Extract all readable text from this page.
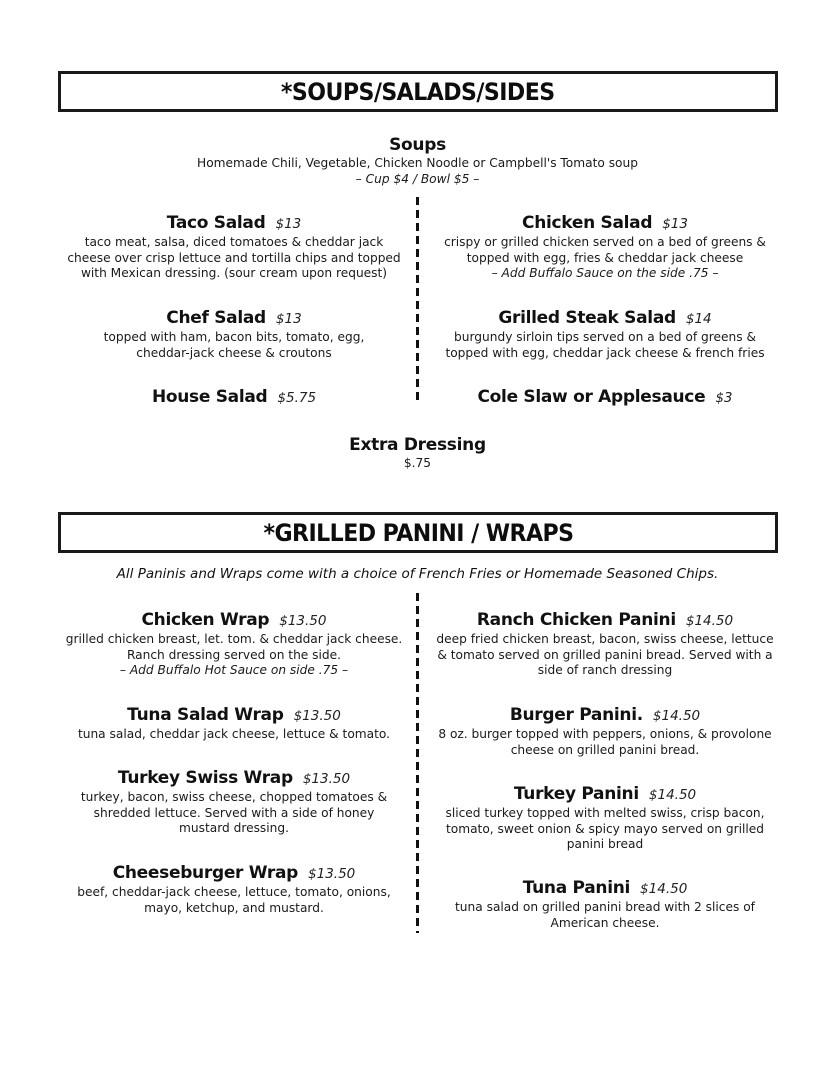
*SOUPS/SALADS/SIDES
Soups
Homemade Chili, Vegetable, Chicken Noodle or Campbell's Tomato soup
– Cup $4 / Bowl $5 –
Taco Salad $13
taco meat, salsa, diced tomatoes & cheddar jack
cheese over crisp lettuce and tortilla chips and topped
with Mexican dressing. (sour cream upon request)
Chef Salad $13
topped with ham, bacon bits, tomato, egg,
cheddar-jack cheese & croutons
House Salad $5.75
Chicken Salad $13
crispy or grilled chicken served on a bed of greens &
topped with egg, fries & cheddar jack cheese
– Add Buffalo Sauce on the side .75 –
Grilled Steak Salad $14
burgundy sirloin tips served on a bed of greens &
topped with egg, cheddar jack cheese & french fries
Cole Slaw or Applesauce $3
Extra Dressing
$.75
*GRILLED PANINI / WRAPS
All Paninis and Wraps come with a choice of French Fries or Homemade Seasoned Chips.
Chicken Wrap $13.50
grilled chicken breast, let. tom. & cheddar jack cheese.
Ranch dressing served on the side.
– Add Buffalo Hot Sauce on side .75 –
Tuna Salad Wrap $13.50
tuna salad, cheddar jack cheese, lettuce & tomato.
Turkey Swiss Wrap $13.50
turkey, bacon, swiss cheese, chopped tomatoes &
shredded lettuce. Served with a side of honey
mustard dressing.
Cheeseburger Wrap $13.50
beef, cheddar-jack cheese, lettuce, tomato, onions,
mayo, ketchup, and mustard.
Ranch Chicken Panini $14.50
deep fried chicken breast, bacon, swiss cheese, lettuce
& tomato served on grilled panini bread. Served with a
side of ranch dressing
Burger Panini. $14.50
8 oz. burger topped with peppers, onions, & provolone
cheese on grilled panini bread.
Turkey Panini $14.50
sliced turkey topped with melted swiss, crisp bacon,
tomato, sweet onion & spicy mayo served on grilled
panini bread
Tuna Panini $14.50
tuna salad on grilled panini bread with 2 slices of
American cheese.
